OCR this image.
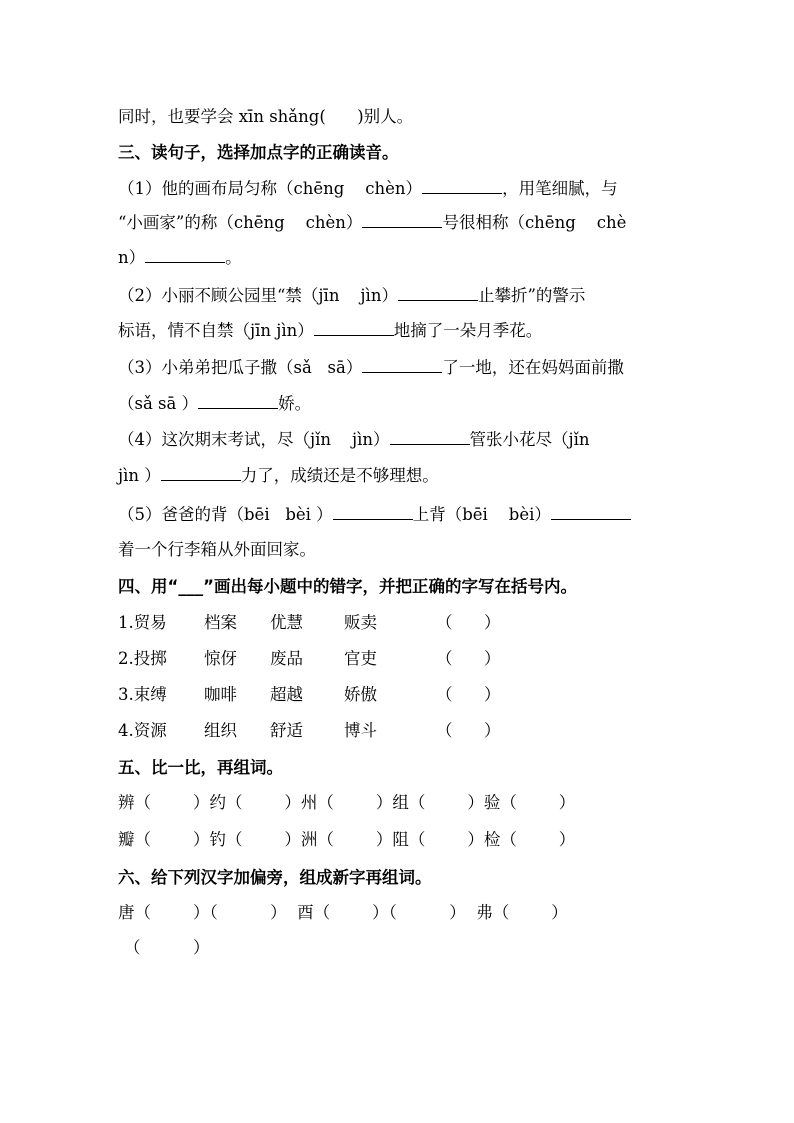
同时，也要学会 xīn shǎng(      )别人。
三、读句子，选择加点字的正确读音。
（1）他的画布局匀称（chēng    chèn）	，用笔细腻，与
“小画家”的称（chēng    chèn）	号很相称（chēng    chè
n）	。
（2）小丽不顾公园里“禁（jīn    jìn）	止攀折”的警示
标语，情不自禁（jīn jìn）	地摘了一朵月季花。
（3）小弟弟把瓜子撒（sǎ   sā）	了一地，还在妈妈面前撒
（sǎ sā ）	娇。
（4）这次期末考试，尽（jǐn    jìn）	管张小花尽（jǐn
jìn ）	力了，成绩还是不够理想。
（5）爸爸的背（bēi   bèi ）	上背（bēi    bèi）
着一个行李箱从外面回家。
四、用“___”画出每小题中的错字，并把正确的字写在括号内。
1.贸易 档案 优慧 贩卖	（      ）
2.投掷 惊伢 废品 官吏	（      ）
3.束缚 咖啡 超越 娇傲	（      ）
4.资源 组织 舒适 博斗	（      ）
五、比一比，再组词。
辨（        ）约（        ）州（        ）组（        ）验（        ）
瓣（        ）钓（        ）洲（        ）阻（        ）检（        ）
六、给下列汉字加偏旁，组成新字再组词。
唐（        ）（          ）  酉（        ）（          ）  弗（        ）
（          ）
